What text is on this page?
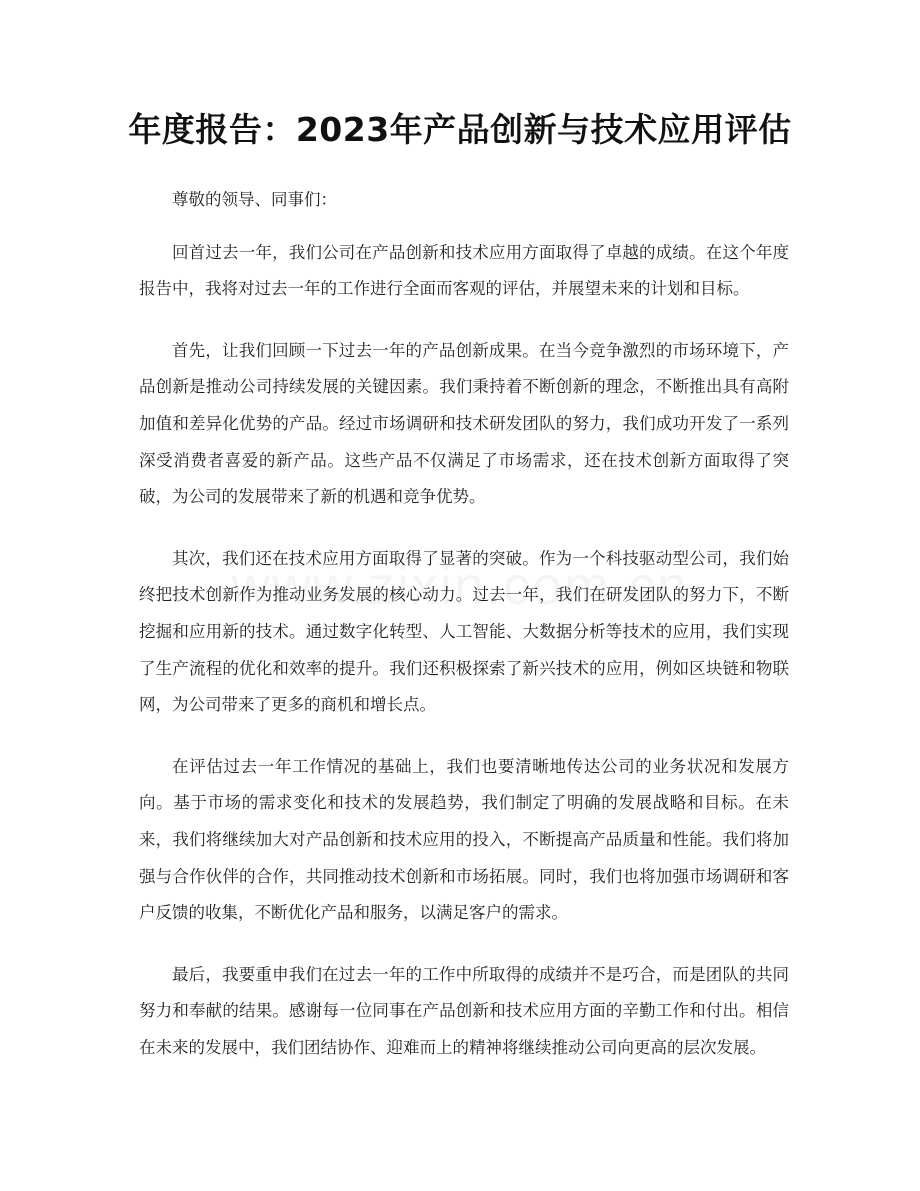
年度报告：2023年产品创新与技术应用评估

尊敬的领导、同事们：

回首过去一年，我们公司在产品创新和技术应用方面取得了卓越的成绩。在这个年度报告中，我将对过去一年的工作进行全面而客观的评估，并展望未来的计划和目标。

首先，让我们回顾一下过去一年的产品创新成果。在当今竞争激烈的市场环境下，产品创新是推动公司持续发展的关键因素。我们秉持着不断创新的理念，不断推出具有高附加值和差异化优势的产品。经过市场调研和技术研发团队的努力，我们成功开发了一系列深受消费者喜爱的新产品。这些产品不仅满足了市场需求，还在技术创新方面取得了突破，为公司的发展带来了新的机遇和竞争优势。

其次，我们还在技术应用方面取得了显著的突破。作为一个科技驱动型公司，我们始终把技术创新作为推动业务发展的核心动力。过去一年，我们在研发团队的努力下，不断挖掘和应用新的技术。通过数字化转型、人工智能、大数据分析等技术的应用，我们实现了生产流程的优化和效率的提升。我们还积极探索了新兴技术的应用，例如区块链和物联网，为公司带来了更多的商机和增长点。

在评估过去一年工作情况的基础上，我们也要清晰地传达公司的业务状况和发展方向。基于市场的需求变化和技术的发展趋势，我们制定了明确的发展战略和目标。在未来，我们将继续加大对产品创新和技术应用的投入，不断提高产品质量和性能。我们将加强与合作伙伴的合作，共同推动技术创新和市场拓展。同时，我们也将加强市场调研和客户反馈的收集，不断优化产品和服务，以满足客户的需求。

最后，我要重申我们在过去一年的工作中所取得的成绩并不是巧合，而是团队的共同努力和奉献的结果。感谢每一位同事在产品创新和技术应用方面的辛勤工作和付出。相信在未来的发展中，我们团结协作、迎难而上的精神将继续推动公司向更高的层次发展。
